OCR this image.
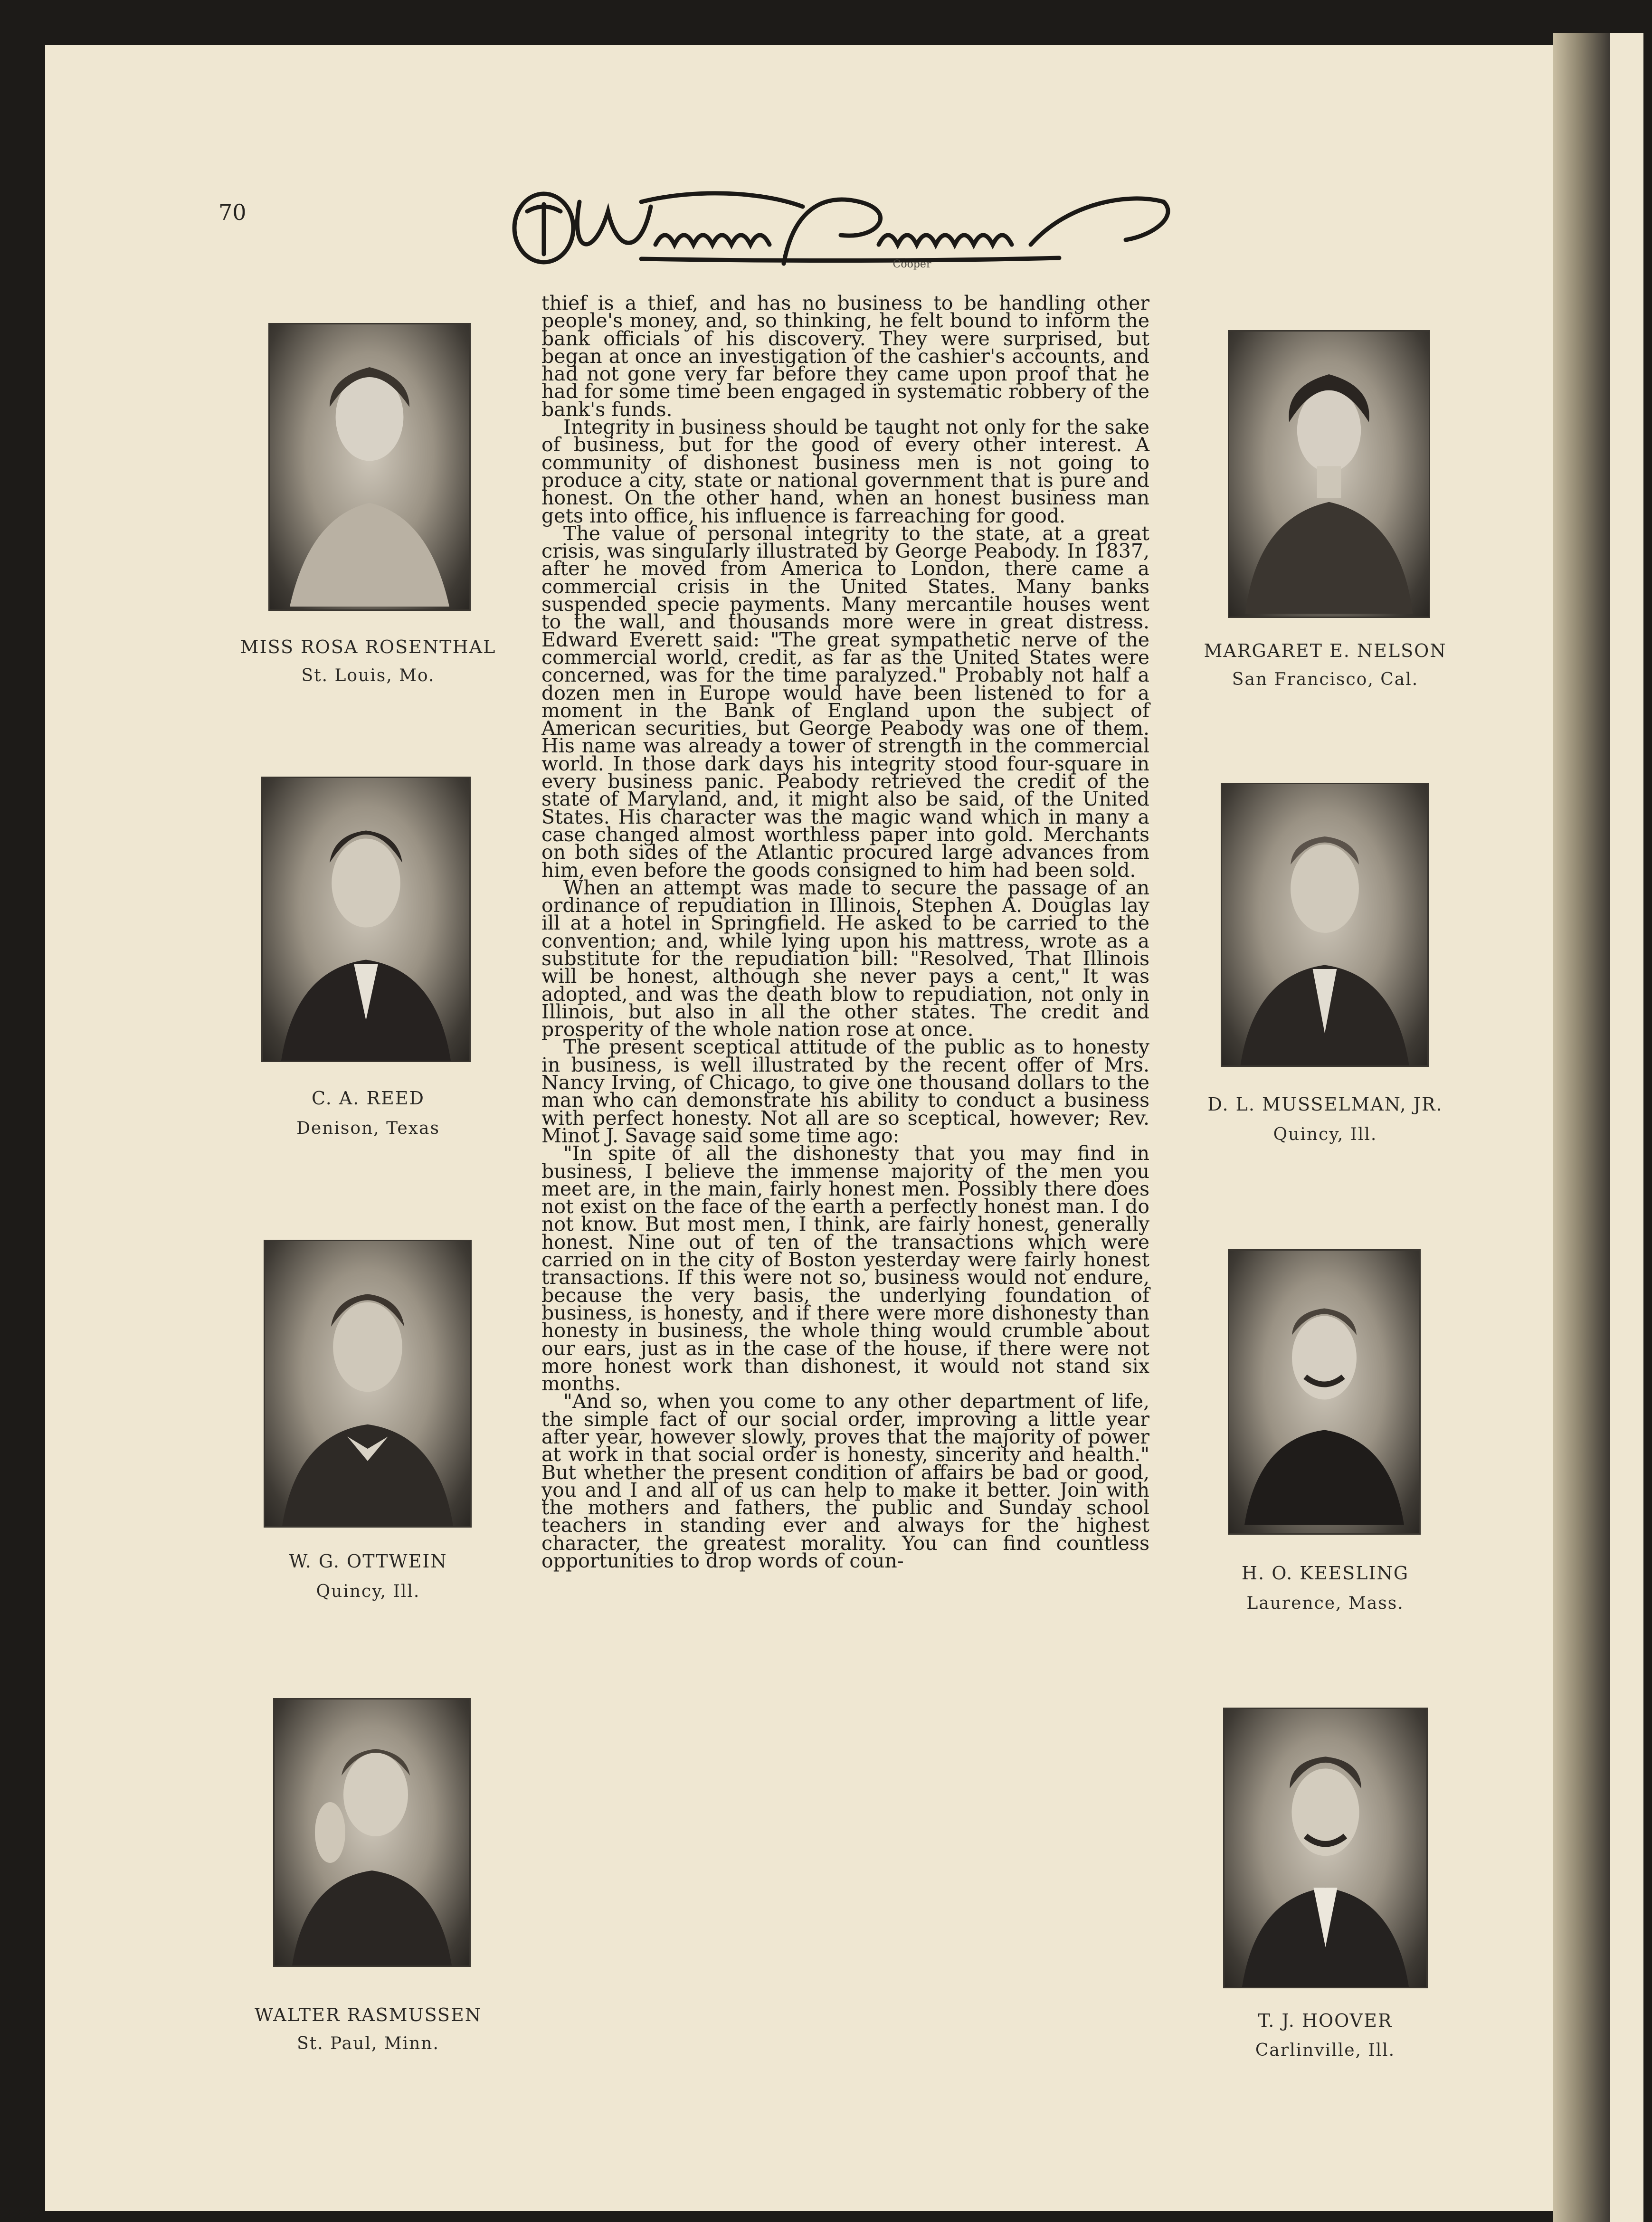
70
Cooper
MISS ROSA ROSENTHAL
St. Louis, Mo.
C. A. REED
Denison, Texas
W. G. OTTWEIN
Quincy, Ill.
WALTER RASMUSSEN
St. Paul, Minn.
MARGARET E. NELSON
San Francisco, Cal.
D. L. MUSSELMAN, JR.
Quincy, Ill.
H. O. KEESLING
Laurence, Mass.
T. J. HOOVER
Carlinville, Ill.

thief is a thief, and has no business to be handling other people's money, and, so thinking, he felt bound to inform the bank officials of his discovery. They were surprised, but began at once an investigation of the cashier's accounts, and had not gone very far before they came upon proof that he had for some time been engaged in systematic robbery of the bank's funds.

Integrity in business should be taught not only for the sake of business, but for the good of every other interest. A community of dishonest business men is not going to produce a city, state or national government that is pure and honest. On the other hand, when an honest business man gets into office, his influence is farreaching for good.

The value of personal integrity to the state, at a great crisis, was singularly illustrated by George Peabody. In 1837, after he moved from America to London, there came a commercial crisis in the United States. Many banks suspended specie payments. Many mercantile houses went to the wall, and thousands more were in great distress. Edward Everett said: "The great sympathetic nerve of the commercial world, credit, as far as the United States were concerned, was for the time paralyzed." Probably not half a dozen men in Europe would have been listened to for a moment in the Bank of England upon the subject of American securities, but George Peabody was one of them. His name was already a tower of strength in the commercial world. In those dark days his integrity stood four-square in every business panic. Peabody retrieved the credit of the state of Maryland, and, it might also be said, of the United States. His character was the magic wand which in many a case changed almost worthless paper into gold. Merchants on both sides of the Atlantic procured large advances from him, even before the goods consigned to him had been sold.

When an attempt was made to secure the passage of an ordinance of repudiation in Illinois, Stephen A. Douglas lay ill at a hotel in Springfield. He asked to be carried to the convention; and, while lying upon his mattress, wrote as a substitute for the repudiation bill: "Resolved, That Illinois will be honest, although she never pays a cent," It was adopted, and was the death blow to repudiation, not only in Illinois, but also in all the other states. The credit and prosperity of the whole nation rose at once.

The present sceptical attitude of the public as to honesty in business, is well illustrated by the recent offer of Mrs. Nancy Irving, of Chicago, to give one thousand dollars to the man who can demonstrate his ability to conduct a business with perfect honesty. Not all are so sceptical, however; Rev. Minot J. Savage said some time ago:

"In spite of all the dishonesty that you may find in business, I believe the immense majority of the men you meet are, in the main, fairly honest men. Possibly there does not exist on the face of the earth a perfectly honest man. I do not know. But most men, I think, are fairly honest, generally honest. Nine out of ten of the transactions which were carried on in the city of Boston yesterday were fairly honest transactions. If this were not so, business would not endure, because the very basis, the underlying foundation of business, is honesty, and if there were more dishonesty than honesty in business, the whole thing would crumble about our ears, just as in the case of the house, if there were not more honest work than dishonest, it would not stand six months.

"And so, when you come to any other department of life, the simple fact of our social order, improving a little year after year, however slowly, proves that the majority of power at work in that social order is honesty, sincerity and health." But whether the present condition of affairs be bad or good, you and I and all of us can help to make it better. Join with the mothers and fathers, the public and Sunday school teachers in standing ever and always for the highest character, the greatest morality. You can find countless opportunities to drop words of coun-
